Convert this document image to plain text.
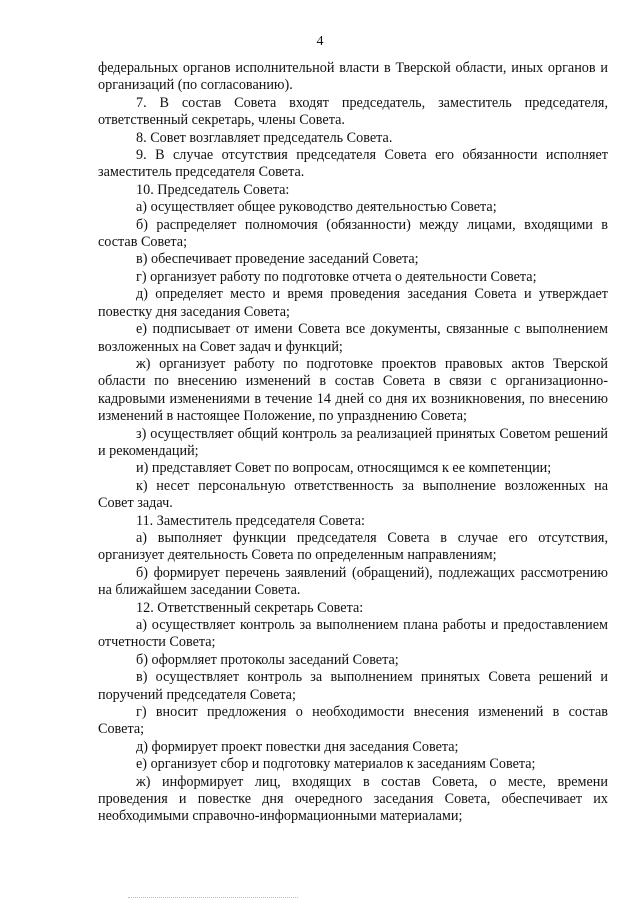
4

федеральных органов исполнительной власти в Тверской области, иных органов и организаций (по согласованию).

7. В состав Совета входят председатель, заместитель председателя, ответственный секретарь, члены Совета.

8. Совет возглавляет председатель Совета.

9. В случае отсутствия председателя Совета его обязанности исполняет заместитель председателя Совета.

10. Председатель Совета:

а) осуществляет общее руководство деятельностью Совета;

б) распределяет полномочия (обязанности) между лицами, входящими в состав Совета;

в) обеспечивает проведение заседаний Совета;

г) организует работу по подготовке отчета о деятельности Совета;

д) определяет место и время проведения заседания Совета и утверждает повестку дня заседания Совета;

е) подписывает от имени Совета все документы, связанные с выполнением возложенных на Совет задач и функций;

ж) организует работу по подготовке проектов правовых актов Тверской области по внесению изменений в состав Совета в связи с организационно-кадровыми изменениями в течение 14 дней со дня их возникновения, по внесению изменений в настоящее Положение, по упразднению Совета;

з) осуществляет общий контроль за реализацией принятых Советом решений и рекомендаций;

и) представляет Совет по вопросам, относящимся к ее компетенции;

к) несет персональную ответственность за выполнение возложенных на Совет задач.

11. Заместитель председателя Совета:

а) выполняет функции председателя Совета в случае его отсутствия, организует деятельность Совета по определенным направлениям;

б) формирует перечень заявлений (обращений), подлежащих рассмотрению на ближайшем заседании Совета.

12. Ответственный секретарь Совета:

а) осуществляет контроль за выполнением плана работы и предоставлением отчетности Совета;

б) оформляет протоколы заседаний Совета;

в) осуществляет контроль за выполнением принятых Совета решений и поручений председателя Совета;

г) вносит предложения о необходимости внесения изменений в состав Совета;

д) формирует проект повестки дня заседания Совета;

е) организует сбор и подготовку материалов к заседаниям Совета;

ж) информирует лиц, входящих в состав Совета, о месте, времени проведения и повестке дня очередного заседания Совета, обеспечивает их необходимыми справочно-информационными материалами;
